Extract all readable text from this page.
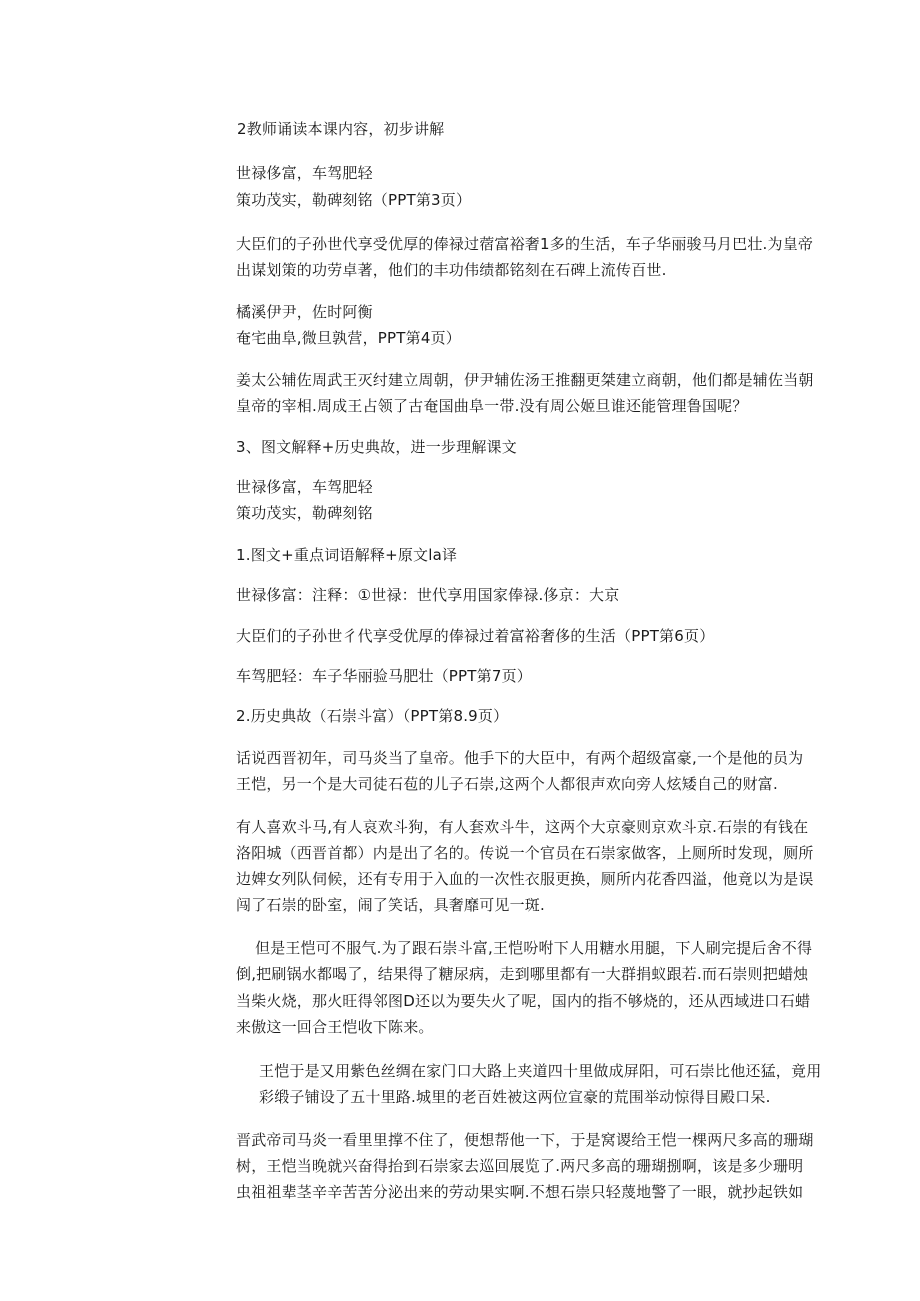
2教师诵读本课内容，初步讲解
世禄侈富，车驾肥轻
策功茂实，勒碑刻铭（PPT第3页）
大臣们的子孙世代享受优厚的俸禄过蓿富裕奢1多的生活，车子华丽骏马月巴壮.为皇帝
出谋划策的功劳卓著，他们的丰功伟绩都铭刻在石碑上流传百世.
橘溪伊尹，佐时阿衡
奄宅曲阜,微旦孰营，PPT第4页）
姜太公辅佐周武王灭纣建立周朝，伊尹辅佐汤王推翻更桀建立商朝，他们都是辅佐当朝
皇帝的宰相.周成王占领了古奄国曲阜一带.没有周公姬旦谁还能管理鲁国呢？
3、图文解释+历史典故，进一步理解课文
世禄侈富，车驾肥轻
策功茂实，勒碑刻铭
1.图文+重点词语解释+原文la译
世禄侈富：注释：①世禄：世代享用国家俸禄.侈京：大京
大臣们的子孙世彳代享受优厚的俸禄过着富裕奢侈的生活（PPT第6页）
车驾肥轻：车子华丽验马肥壮（PPT第7页）
2.历史典故（石崇斗富）（PPT第8.9页）
话说西晋初年，司马炎当了皇帝。他手下的大臣中，有两个超级富豪,一个是他的员为
王恺，另一个是大司徒石苞的儿子石崇,这两个人都很声欢向旁人炫矮自己的财富.
有人喜欢斗马,有人哀欢斗狗，有人套欢斗牛，这两个大京豪则京欢斗京.石崇的有钱在
洛阳城（西晋首都）内是出了名的。传说一个官员在石崇家做客，上厕所时发现，厕所
边婢女列队伺候，还有专用于入血的一次性衣服更换，厕所内花香四溢，他竟以为是误
闯了石崇的卧室，闹了笑话，具奢靡可见一斑.
但是王恺可不服气.为了跟石崇斗富,王恺吩咐下人用糖水用腿，下人刷完提后舍不得
倒,把刷锅水都喝了，结果得了糖尿病，走到哪里都有一大群捐蚁跟若.而石崇则把蜡烛
当柴火烧，那火旺得邻图D还以为要失火了呢，国内的指不够烧的，还从西域进口石蜡
来傲这一回合王恺收下陈来。
王恺于是又用紫色丝绸在家门口大路上夹道四十里做成屏阳，可石崇比他还猛，竟用
彩缎子铺设了五十里路.城里的老百姓被这两位宣豪的荒围举动惊得目殿口呆.
晋武帝司马炎一看里里撑不住了，便想帮他一下，于是窝谡给王恺一棵两尺多高的珊瑚
树，王恺当晚就兴奋得抬到石崇家去巡回展览了.两尺多高的珊瑚捌啊，该是多少珊明
虫祖祖辈茎辛辛苦苦分泌出来的劳动果实啊.不想石崇只轻蔑地警了一眼，就抄起铁如
